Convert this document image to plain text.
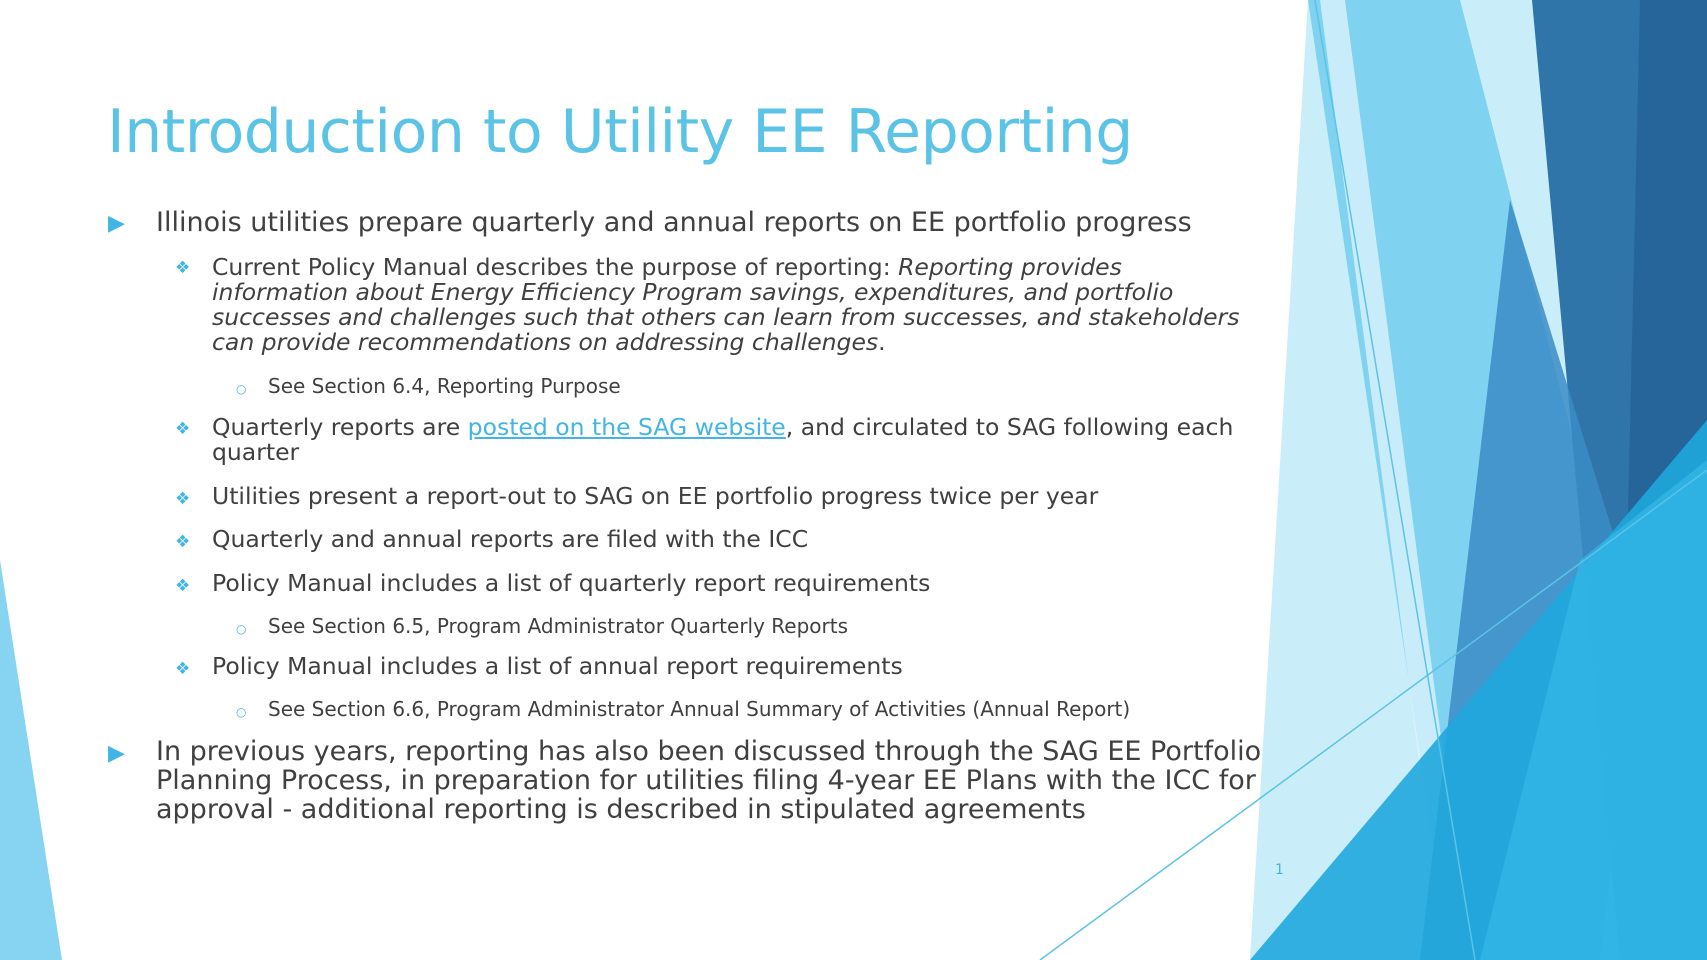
Introduction to Utility EE Reporting
▶ Illinois utilities prepare quarterly and annual reports on EE portfolio progress
❖ Current Policy Manual describes the purpose of reporting: Reporting provides information about Energy Efficiency Program savings, expenditures, and portfolio successes and challenges such that others can learn from successes, and stakeholders can provide recommendations on addressing challenges.
○ See Section 6.4, Reporting Purpose
❖ Quarterly reports are posted on the SAG website, and circulated to SAG following each quarter
❖ Utilities present a report-out to SAG on EE portfolio progress twice per year
❖ Quarterly and annual reports are filed with the ICC
❖ Policy Manual includes a list of quarterly report requirements
○ See Section 6.5, Program Administrator Quarterly Reports
❖ Policy Manual includes a list of annual report requirements
○ See Section 6.6, Program Administrator Annual Summary of Activities (Annual Report)
▶ In previous years, reporting has also been discussed through the SAG EE Portfolio Planning Process, in preparation for utilities filing 4-year EE Plans with the ICC for approval - additional reporting is described in stipulated agreements
1
